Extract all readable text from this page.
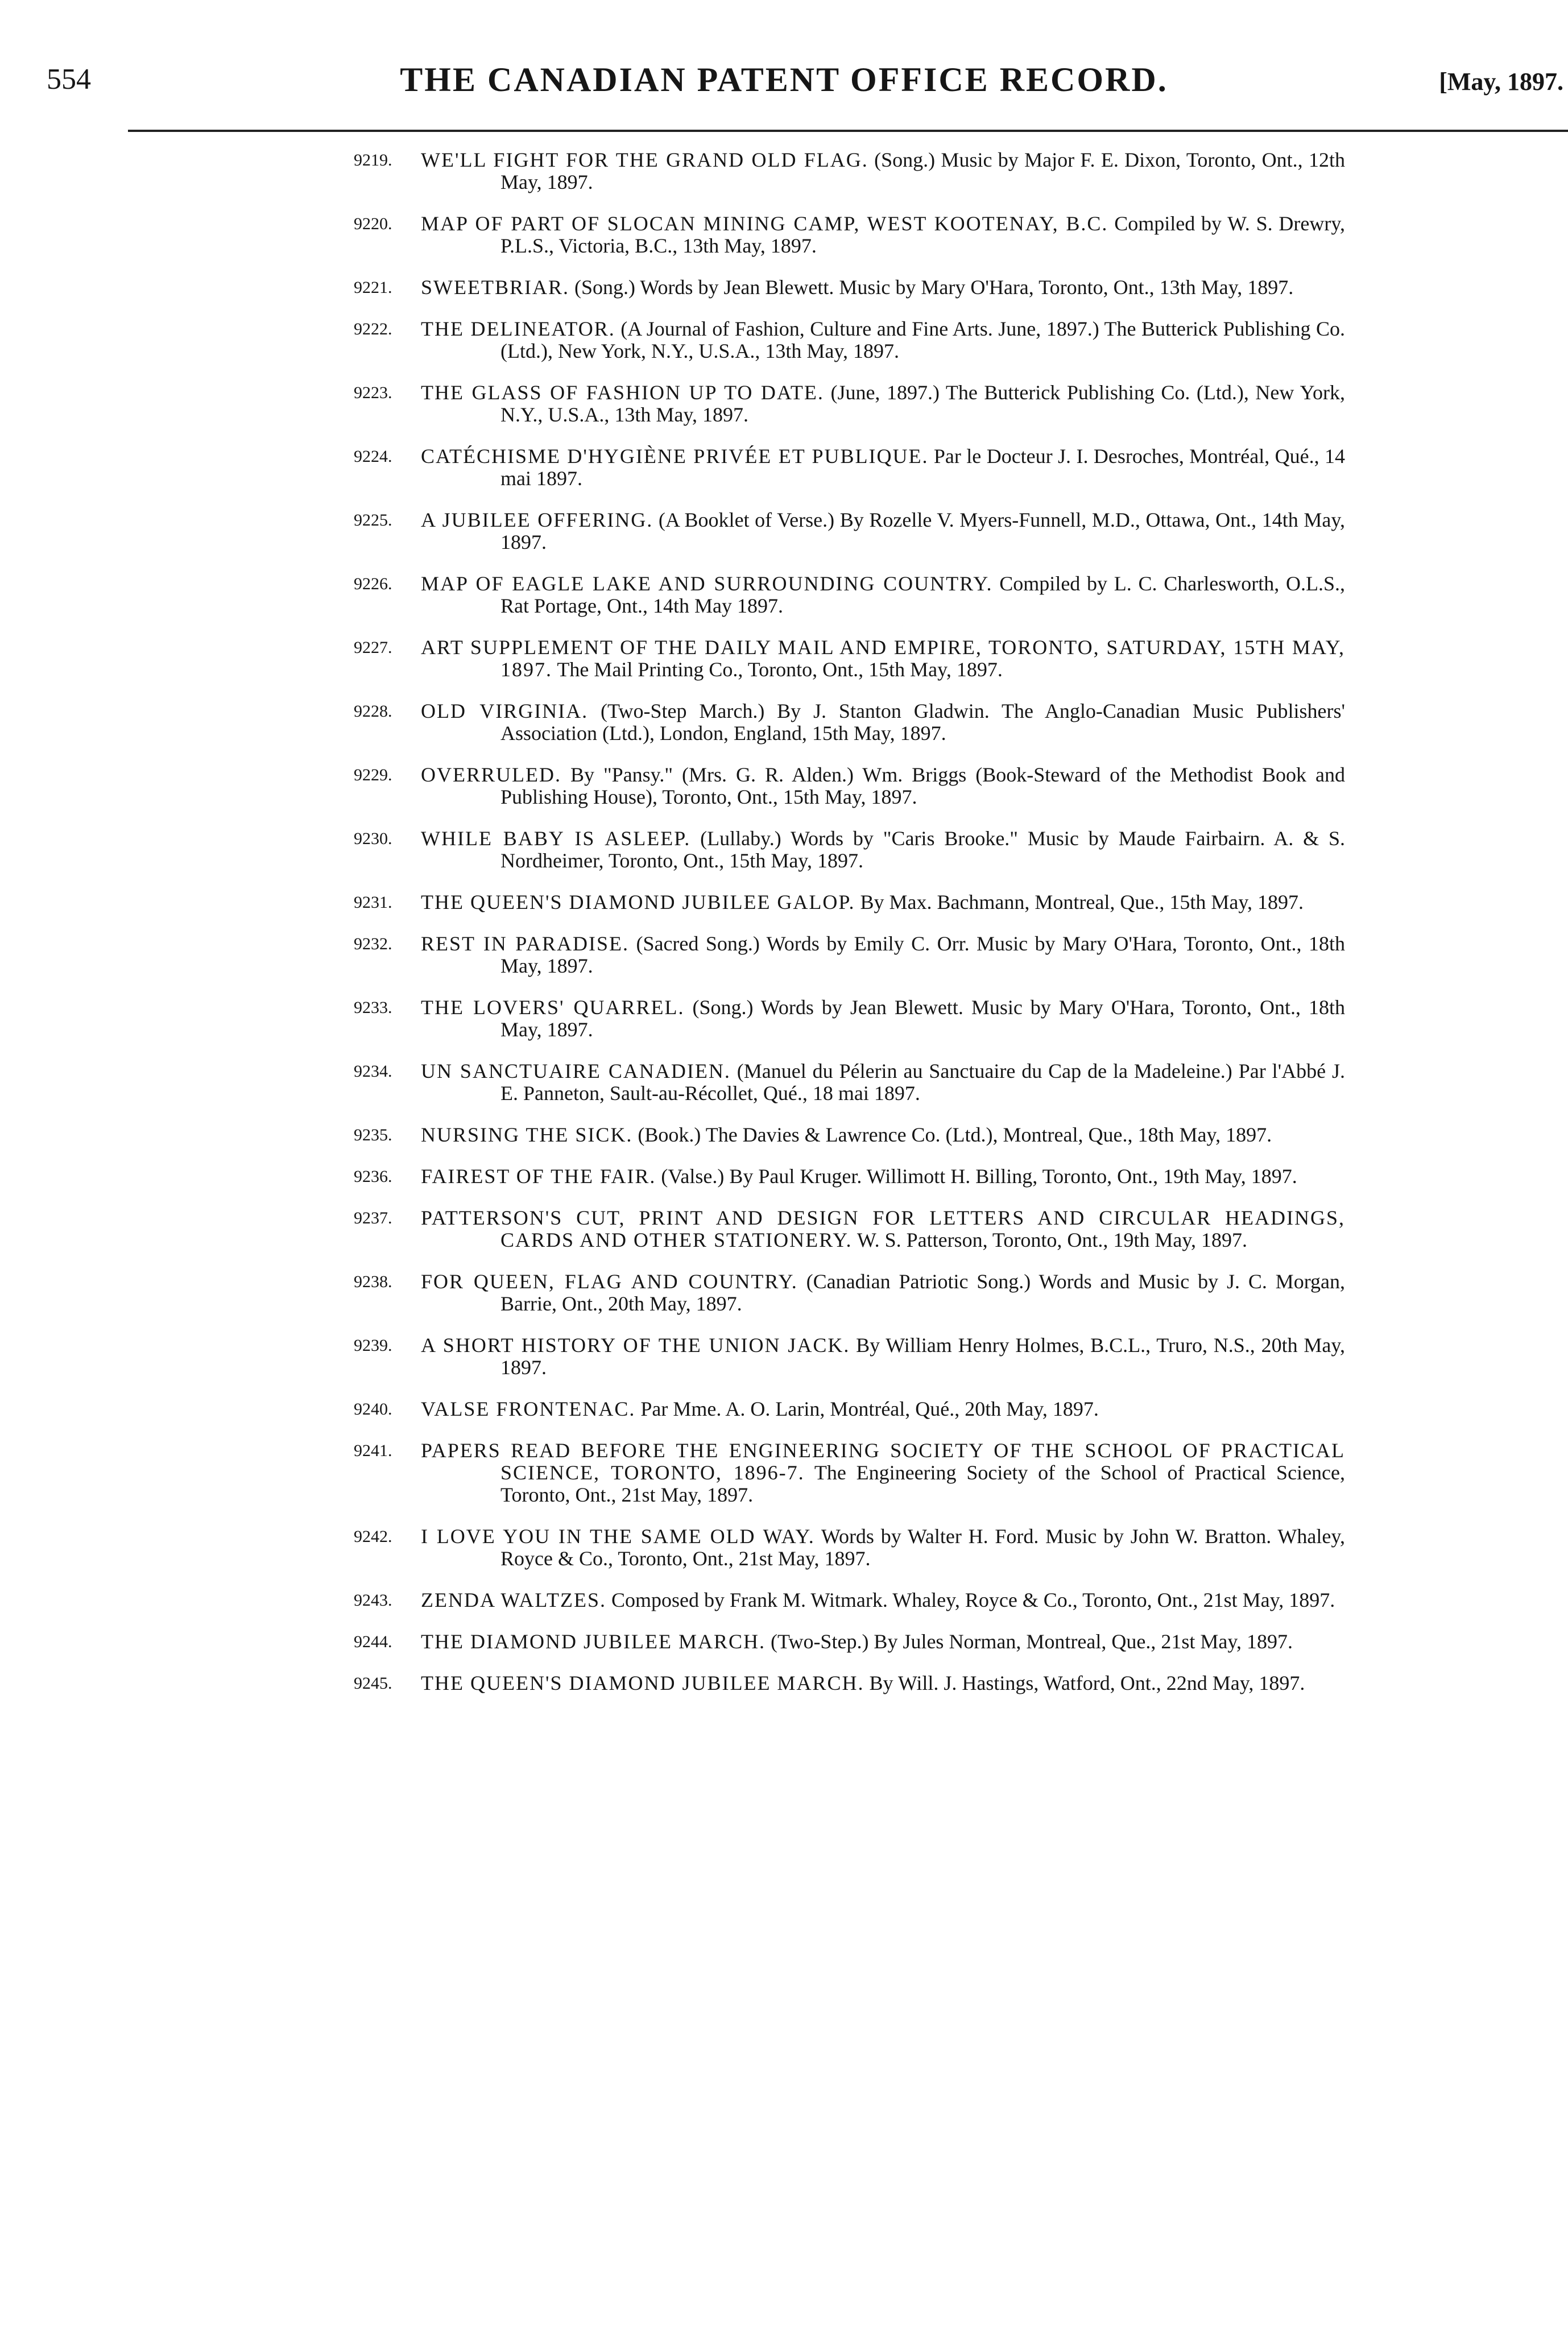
554	THE CANADIAN PATENT OFFICE RECORD.	[May, 1897.
9219. WE'LL FIGHT FOR THE GRAND OLD FLAG. (Song.) Music by Major F. E. Dixon, Toronto, Ont., 12th May, 1897.
9220. MAP OF PART OF SLOCAN MINING CAMP, WEST KOOTENAY, B.C. Compiled by W. S. Drewry, P.L.S., Victoria, B.C., 13th May, 1897.
9221. SWEETBRIAR. (Song.) Words by Jean Blewett. Music by Mary O'Hara, Toronto, Ont., 13th May, 1897.
9222. THE DELINEATOR. (A Journal of Fashion, Culture and Fine Arts. June, 1897.) The Butterick Publishing Co. (Ltd.), New York, N.Y., U.S.A., 13th May, 1897.
9223. THE GLASS OF FASHION UP TO DATE. (June, 1897.) The Butterick Publishing Co. (Ltd.), New York, N.Y., U.S.A., 13th May, 1897.
9224. CATÉCHISME D'HYGIÈNE PRIVÉE ET PUBLIQUE. Par le Docteur J. I. Desroches, Montréal, Qué., 14 mai 1897.
9225. A JUBILEE OFFERING. (A Booklet of Verse.) By Rozelle V. Myers-Funnell, M.D., Ottawa, Ont., 14th May, 1897.
9226. MAP OF EAGLE LAKE AND SURROUNDING COUNTRY. Compiled by L. C. Charlesworth, O.L.S., Rat Portage, Ont., 14th May 1897.
9227. ART SUPPLEMENT OF THE DAILY MAIL AND EMPIRE, TORONTO, SATURDAY, 15TH MAY, 1897. The Mail Printing Co., Toronto, Ont., 15th May, 1897.
9228. OLD VIRGINIA. (Two-Step March.) By J. Stanton Gladwin. The Anglo-Canadian Music Publishers' Association (Ltd.), London, England, 15th May, 1897.
9229. OVERRULED. By "Pansy." (Mrs. G. R. Alden.) Wm. Briggs (Book-Steward of the Methodist Book and Publishing House), Toronto, Ont., 15th May, 1897.
9230. WHILE BABY IS ASLEEP. (Lullaby.) Words by "Caris Brooke." Music by Maude Fairbairn. A. & S. Nordheimer, Toronto, Ont., 15th May, 1897.
9231. THE QUEEN'S DIAMOND JUBILEE GALOP. By Max. Bachmann, Montreal, Que., 15th May, 1897.
9232. REST IN PARADISE. (Sacred Song.) Words by Emily C. Orr. Music by Mary O'Hara, Toronto, Ont., 18th May, 1897.
9233. THE LOVERS' QUARREL. (Song.) Words by Jean Blewett. Music by Mary O'Hara, Toronto, Ont., 18th May, 1897.
9234. UN SANCTUAIRE CANADIEN. (Manuel du Pélerin au Sanctuaire du Cap de la Madeleine.) Par l'Abbé J. E. Panneton, Sault-au-Récollet, Qué., 18 mai 1897.
9235. NURSING THE SICK. (Book.) The Davies & Lawrence Co. (Ltd.), Montreal, Que., 18th May, 1897.
9236. FAIREST OF THE FAIR. (Valse.) By Paul Kruger. Willimott H. Billing, Toronto, Ont., 19th May, 1897.
9237. PATTERSON'S CUT, PRINT AND DESIGN FOR LETTERS AND CIRCULAR HEADINGS, CARDS AND OTHER STATIONERY. W. S. Patterson, Toronto, Ont., 19th May, 1897.
9238. FOR QUEEN, FLAG AND COUNTRY. (Canadian Patriotic Song.) Words and Music by J. C. Morgan, Barrie, Ont., 20th May, 1897.
9239. A SHORT HISTORY OF THE UNION JACK. By William Henry Holmes, B.C.L., Truro, N.S., 20th May, 1897.
9240. VALSE FRONTENAC. Par Mme. A. O. Larin, Montréal, Qué., 20th May, 1897.
9241. PAPERS READ BEFORE THE ENGINEERING SOCIETY OF THE SCHOOL OF PRACTICAL SCIENCE, TORONTO, 1896-7. The Engineering Society of the School of Practical Science, Toronto, Ont., 21st May, 1897.
9242. I LOVE YOU IN THE SAME OLD WAY. Words by Walter H. Ford. Music by John W. Bratton. Whaley, Royce & Co., Toronto, Ont., 21st May, 1897.
9243. ZENDA WALTZES. Composed by Frank M. Witmark. Whaley, Royce & Co., Toronto, Ont., 21st May, 1897.
9244. THE DIAMOND JUBILEE MARCH. (Two-Step.) By Jules Norman, Montreal, Que., 21st May, 1897.
9245. THE QUEEN'S DIAMOND JUBILEE MARCH. By Will. J. Hastings, Watford, Ont., 22nd May, 1897.
